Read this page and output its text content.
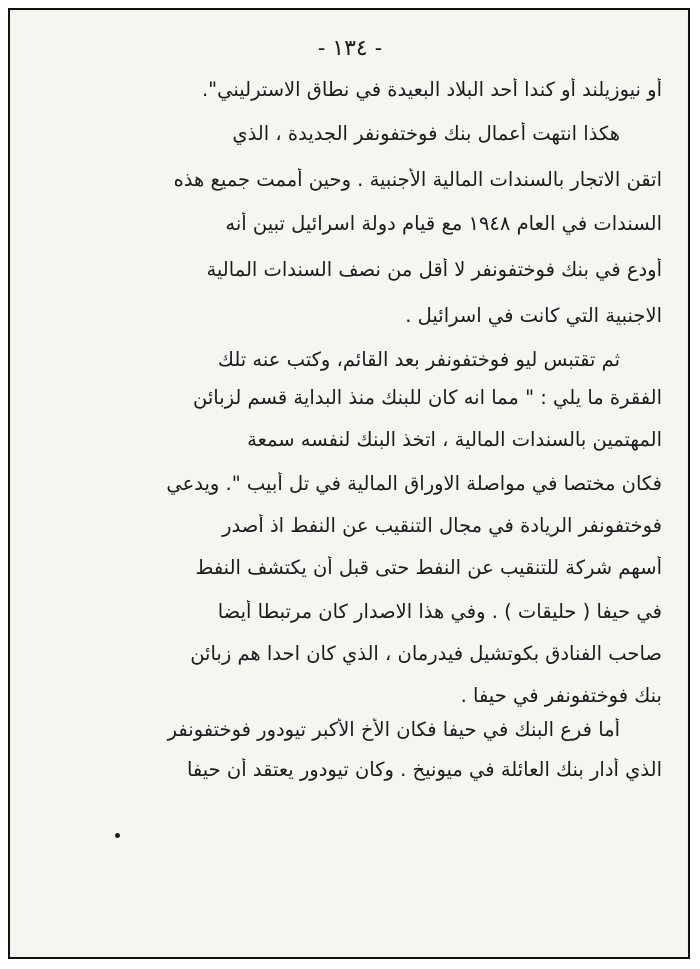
- ١٣٤ -
أو نيوزيلند أو كندا أحد البلاد البعيدة في نطاق الاسترليني".
هكذا انتهت أعمال بنك فوختفونفر الجديدة ، الذي
اتقن الاتجار بالسندات المالية الأجنبية . وحين أممت جميع هذه
السندات في العام ١٩٤٨ مع قيام دولة اسرائيل تبين أنه
أودع في بنك فوختفونفر لا أقل من نصف السندات المالية
الاجنبية التي كانت في اسرائيل .
ثم تقتبس ليو فوختفونفر بعد القائم، وكتب عنه تلك
الفقرة ما يلي : " مما انه كان للبنك منذ البداية قسم لزبائن
المهتمين بالسندات المالية ، اتخذ البنك لنفسه سمعة
فكان مختصا في مواصلة الاوراق المالية في تل أبيب ". ويدعي
فوختفونفر الريادة في مجال التنقيب عن النفط اذ أصدر
أسهم شركة للتنقيب عن النفط حتى قبل أن يكتشف النفط
في حيفا ( حليقات ) . وفي هذا الاصدار كان مرتبطا أيضا
صاحب الفنادق بكوتشيل فيدرمان ، الذي كان احدا هم زبائن
بنك فوختفونفر في حيفا .
أما فرع البنك في حيفا فكان الأخ الأكبر تيودور فوختفونفر
الذي أدار بنك العائلة في ميونيخ . وكان تيودور يعتقد أن حيفا
